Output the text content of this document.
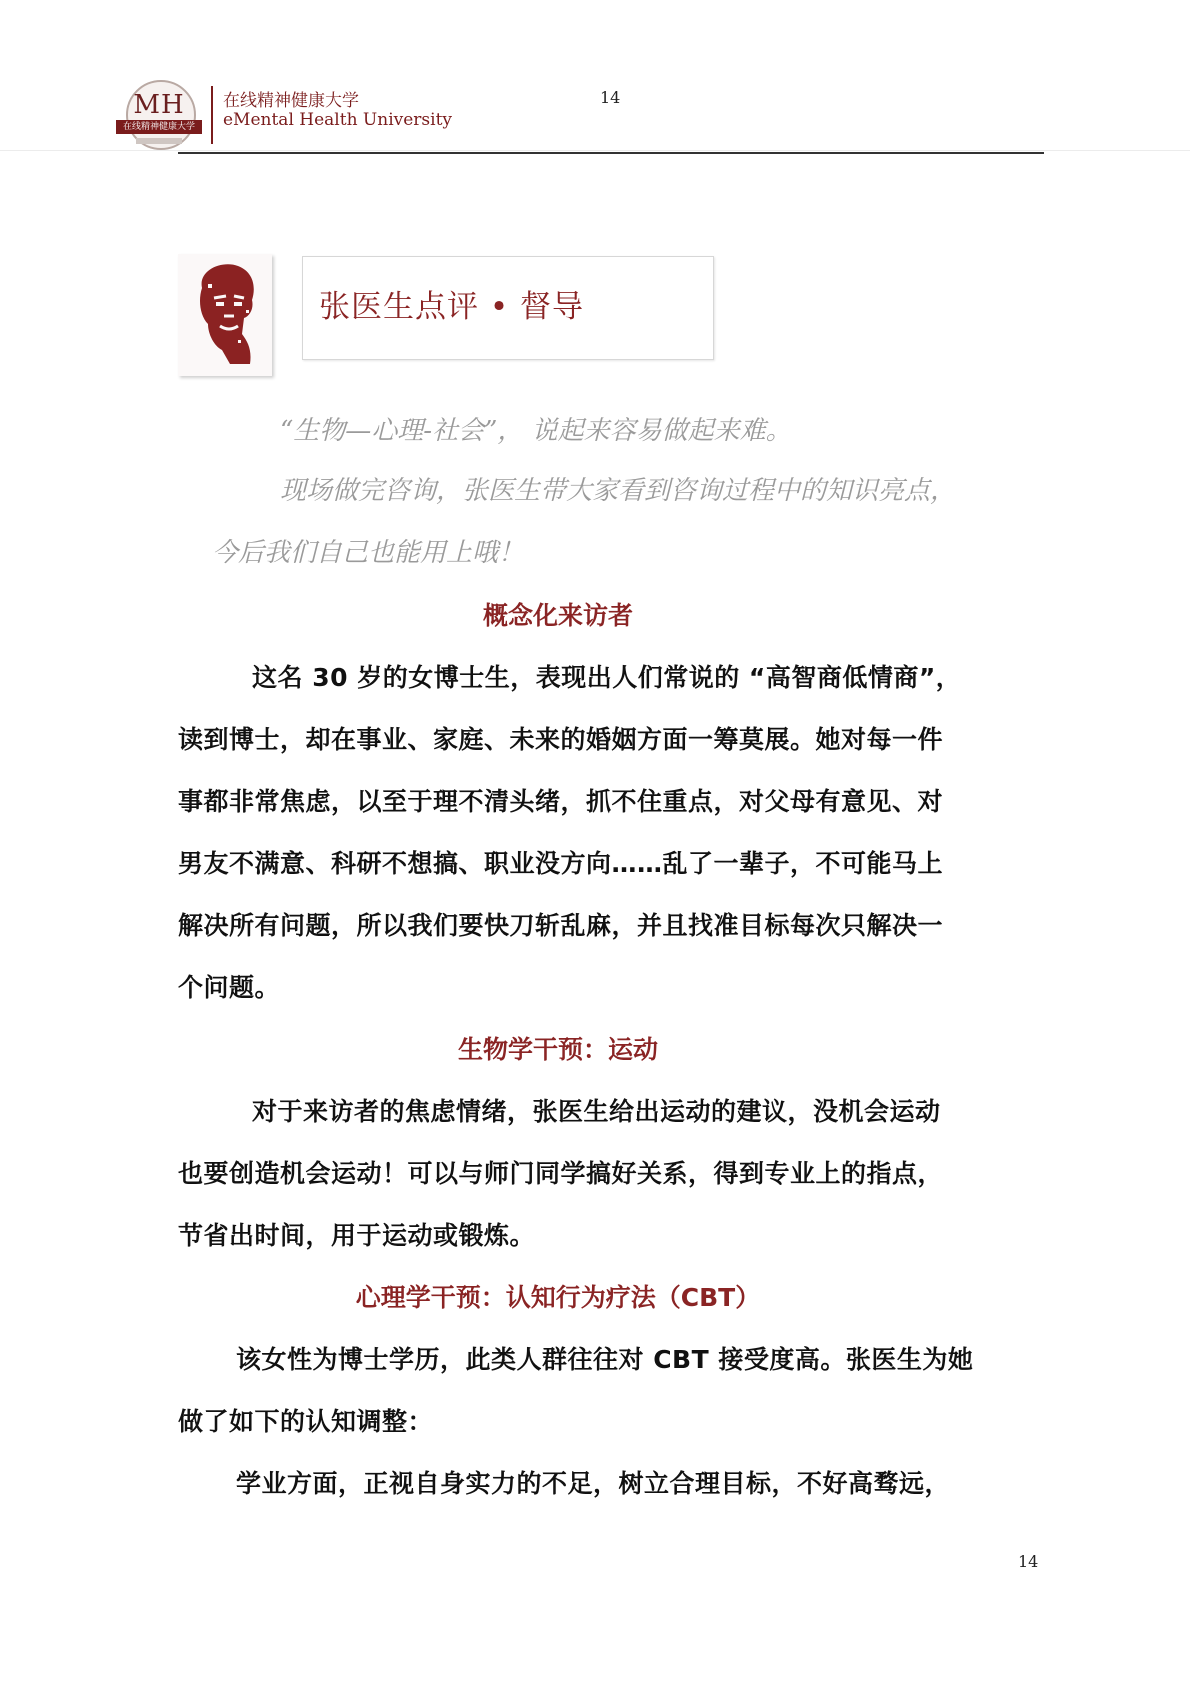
MH
在线精神健康大学
在线精神健康大学
eMental Health University
14
张医生点评 • 督导
“生物—心理-社会”， 说起来容易做起来难。
现场做完咨询，张医生带大家看到咨询过程中的知识亮点，
今后我们自己也能用上哦！
概念化来访者
这名 30 岁的女博士生，表现出人们常说的 “高智商低情商”，
读到博士，却在事业、家庭、未来的婚姻方面一筹莫展。她对每一件
事都非常焦虑，以至于理不清头绪，抓不住重点，对父母有意见、对
男友不满意、科研不想搞、职业没方向……乱了一辈子，不可能马上
解决所有问题，所以我们要快刀斩乱麻，并且找准目标每次只解决一
个问题。
生物学干预：运动
对于来访者的焦虑情绪，张医生给出运动的建议，没机会运动
也要创造机会运动！可以与师门同学搞好关系，得到专业上的指点，
节省出时间，用于运动或锻炼。
心理学干预：认知行为疗法（CBT）
该女性为博士学历，此类人群往往对 CBT 接受度高。张医生为她
做了如下的认知调整：
学业方面，正视自身实力的不足，树立合理目标，不好高骛远，
14
